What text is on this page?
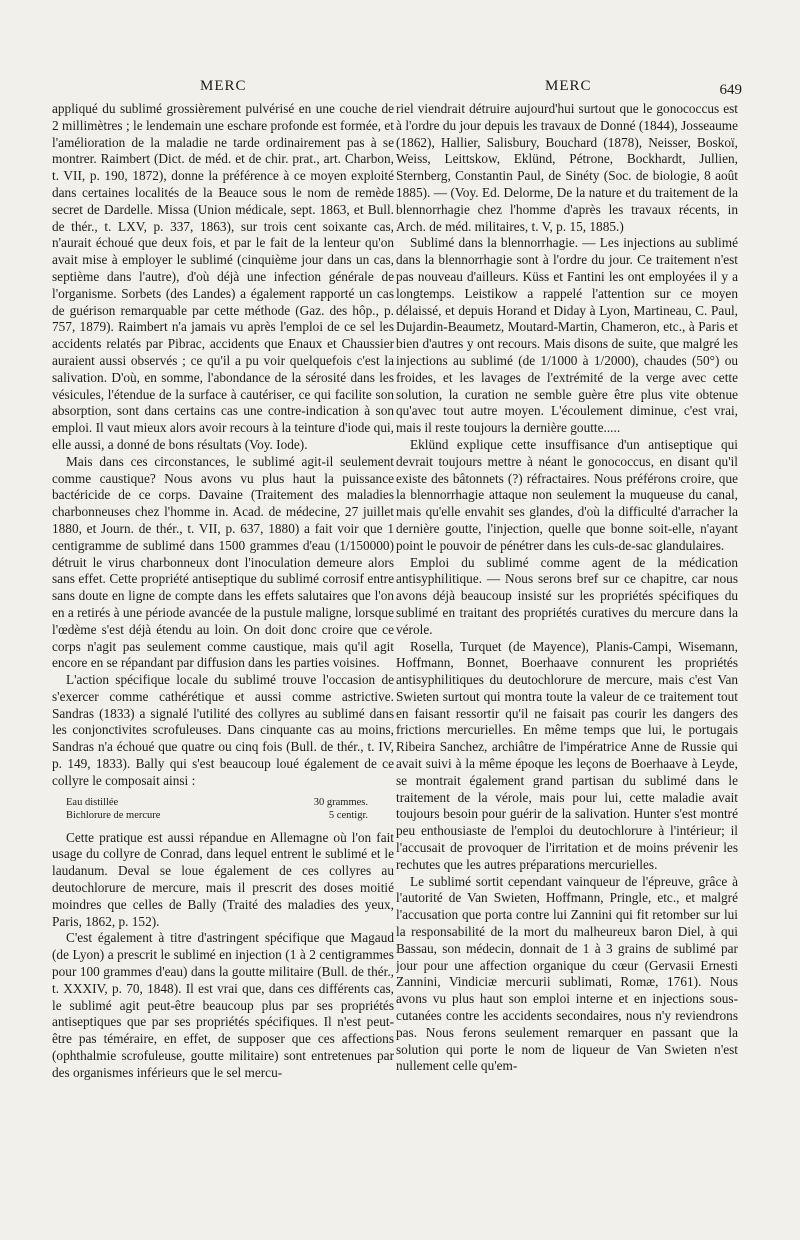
MERC	MERC	649

appliqué du sublimé grossièrement pulvérisé en une couche de 2 millimètres ; le lendemain une eschare profonde est formée, et l'amélioration de la maladie ne tarde ordinairement pas à se montrer. Raimbert (Dict. de méd. et de chir. prat., art. Charbon, t. VII, p. 190, 1872), donne la préférence à ce moyen exploité dans certaines localités de la Beauce sous le nom de remède secret de Dardelle. Missa (Union médicale, sept. 1863, et Bull. de thér., t. LXV, p. 337, 1863), sur trois cent soixante cas, n'aurait échoué que deux fois, et par le fait de la lenteur qu'on avait mise à employer le sublimé (cinquième jour dans un cas, septième dans l'autre), d'où déjà une infection générale de l'organisme. Sorbets (des Landes) a également rapporté un cas de guérison remarquable par cette méthode (Gaz. des hôp., p. 757, 1879). Raimbert n'a jamais vu après l'emploi de ce sel les accidents relatés par Pibrac, accidents que Enaux et Chaussier auraient aussi observés ; ce qu'il a pu voir quelquefois c'est la salivation. D'où, en somme, l'abondance de la sérosité dans les vésicules, l'étendue de la surface à cautériser, ce qui facilite son absorption, sont dans certains cas une contre-indication à son emploi. Il vaut mieux alors avoir recours à la teinture d'iode qui, elle aussi, a donné de bons résultats (Voy. Iode).

Mais dans ces circonstances, le sublimé agit-il seulement comme caustique? Nous avons vu plus haut la puissance bactéricide de ce corps. Davaine (Traitement des maladies charbonneuses chez l'homme in. Acad. de médecine, 27 juillet 1880, et Journ. de thér., t. VII, p. 637, 1880) a fait voir que 1 centigramme de sublimé dans 1500 grammes d'eau (1/150000) détruit le virus charbonneux dont l'inoculation demeure alors sans effet. Cette propriété antiseptique du sublimé corrosif entre sans doute en ligne de compte dans les effets salutaires que l'on en a retirés à une période avancée de la pustule maligne, lorsque l'œdème s'est déjà étendu au loin. On doit donc croire que ce corps n'agit pas seulement comme caustique, mais qu'il agit encore en se répandant par diffusion dans les parties voisines.

L'action spécifique locale du sublimé trouve l'occasion de s'exercer comme cathérétique et aussi comme astrictive. Sandras (1833) a signalé l'utilité des collyres au sublimé dans les conjonctivites scrofuleuses. Dans cinquante cas au moins, Sandras n'a échoué que quatre ou cinq fois (Bull. de thér., t. IV, p. 149, 1833). Bally qui s'est beaucoup loué également de ce collyre le composait ainsi :

Eau distillée	30 grammes.
Bichlorure de mercure	5 centigr.

Cette pratique est aussi répandue en Allemagne où l'on fait usage du collyre de Conrad, dans lequel entrent le sublimé et le laudanum. Deval se loue également de ces collyres au deutochlorure de mercure, mais il prescrit des doses moitié moindres que celles de Bally (Traité des maladies des yeux, Paris, 1862, p. 152).

C'est également à titre d'astringent spécifique que Magaud (de Lyon) a prescrit le sublimé en injection (1 à 2 centigrammes pour 100 grammes d'eau) dans la goutte militaire (Bull. de thér., t. XXXIV, p. 70, 1848). Il est vrai que, dans ces différents cas, le sublimé agit peut-être beaucoup plus par ses propriétés antiseptiques que par ses propriétés spécifiques. Il n'est peut-être pas téméraire, en effet, de supposer que ces affections (ophthalmie scrofuleuse, goutte militaire) sont entretenues par des organismes inférieurs que le sel mercu-

riel viendrait détruire aujourd'hui surtout que le gonococcus est à l'ordre du jour depuis les travaux de Donné (1844), Josseaume (1862), Hallier, Salisbury, Bouchard (1878), Neisser, Boskoï, Weiss, Leittskow, Eklünd, Pétrone, Bockhardt, Jullien, Sternberg, Constantin Paul, de Sinéty (Soc. de biologie, 8 août 1885). — (Voy. Ed. Delorme, De la nature et du traitement de la blennorrhagie chez l'homme d'après les travaux récents, in Arch. de méd. militaires, t. V, p. 15, 1885.)

Sublimé dans la blennorrhagie. — Les injections au sublimé dans la blennorrhagie sont à l'ordre du jour. Ce traitement n'est pas nouveau d'ailleurs. Küss et Fantini les ont employées il y a longtemps. Leistikow a rappelé l'attention sur ce moyen délaissé, et depuis Horand et Diday à Lyon, Martineau, C. Paul, Dujardin-Beaumetz, Moutard-Martin, Chameron, etc., à Paris et bien d'autres y ont recours. Mais disons de suite, que malgré les injections au sublimé (de 1/1000 à 1/2000), chaudes (50°) ou froides, et les lavages de l'extrémité de la verge avec cette solution, la curation ne semble guère être plus vite obtenue qu'avec tout autre moyen. L'écoulement diminue, c'est vrai, mais il reste toujours la dernière goutte.....

Eklünd explique cette insuffisance d'un antiseptique qui devrait toujours mettre à néant le gonococcus, en disant qu'il existe des bâtonnets (?) réfractaires. Nous préférons croire, que la blennorrhagie attaque non seulement la muqueuse du canal, mais qu'elle envahit ses glandes, d'où la difficulté d'arracher la dernière goutte, l'injection, quelle que bonne soit-elle, n'ayant point le pouvoir de pénétrer dans les culs-de-sac glandulaires.

Emploi du sublimé comme agent de la médication antisyphilitique. — Nous serons bref sur ce chapitre, car nous avons déjà beaucoup insisté sur les propriétés spécifiques du sublimé en traitant des propriétés curatives du mercure dans la vérole.

Rosella, Turquet (de Mayence), Planis-Campi, Wisemann, Hoffmann, Bonnet, Boerhaave connurent les propriétés antisyphilitiques du deutochlorure de mercure, mais c'est Van Swieten surtout qui montra toute la valeur de ce traitement tout en faisant ressortir qu'il ne faisait pas courir les dangers des frictions mercurielles. En même temps que lui, le portugais Ribeira Sanchez, archiâtre de l'impératrice Anne de Russie qui avait suivi à la même époque les leçons de Boerhaave à Leyde, se montrait également grand partisan du sublimé dans le traitement de la vérole, mais pour lui, cette maladie avait toujours besoin pour guérir de la salivation. Hunter s'est montré peu enthousiaste de l'emploi du deutochlorure à l'intérieur; il l'accusait de provoquer de l'irritation et de moins prévenir les rechutes que les autres préparations mercurielles.

Le sublimé sortit cependant vainqueur de l'épreuve, grâce à l'autorité de Van Swieten, Hoffmann, Pringle, etc., et malgré l'accusation que porta contre lui Zannini qui fit retomber sur lui la responsabilité de la mort du malheureux baron Diel, à qui Bassau, son médecin, donnait de 1 à 3 grains de sublimé par jour pour une affection organique du cœur (Gervasii Ernesti Zannini, Vindiciæ mercurii sublimati, Romæ, 1761). Nous avons vu plus haut son emploi interne et en injections sous-cutanées contre les accidents secondaires, nous n'y reviendrons pas. Nous ferons seulement remarquer en passant que la solution qui porte le nom de liqueur de Van Swieten n'est nullement celle qu'em-
